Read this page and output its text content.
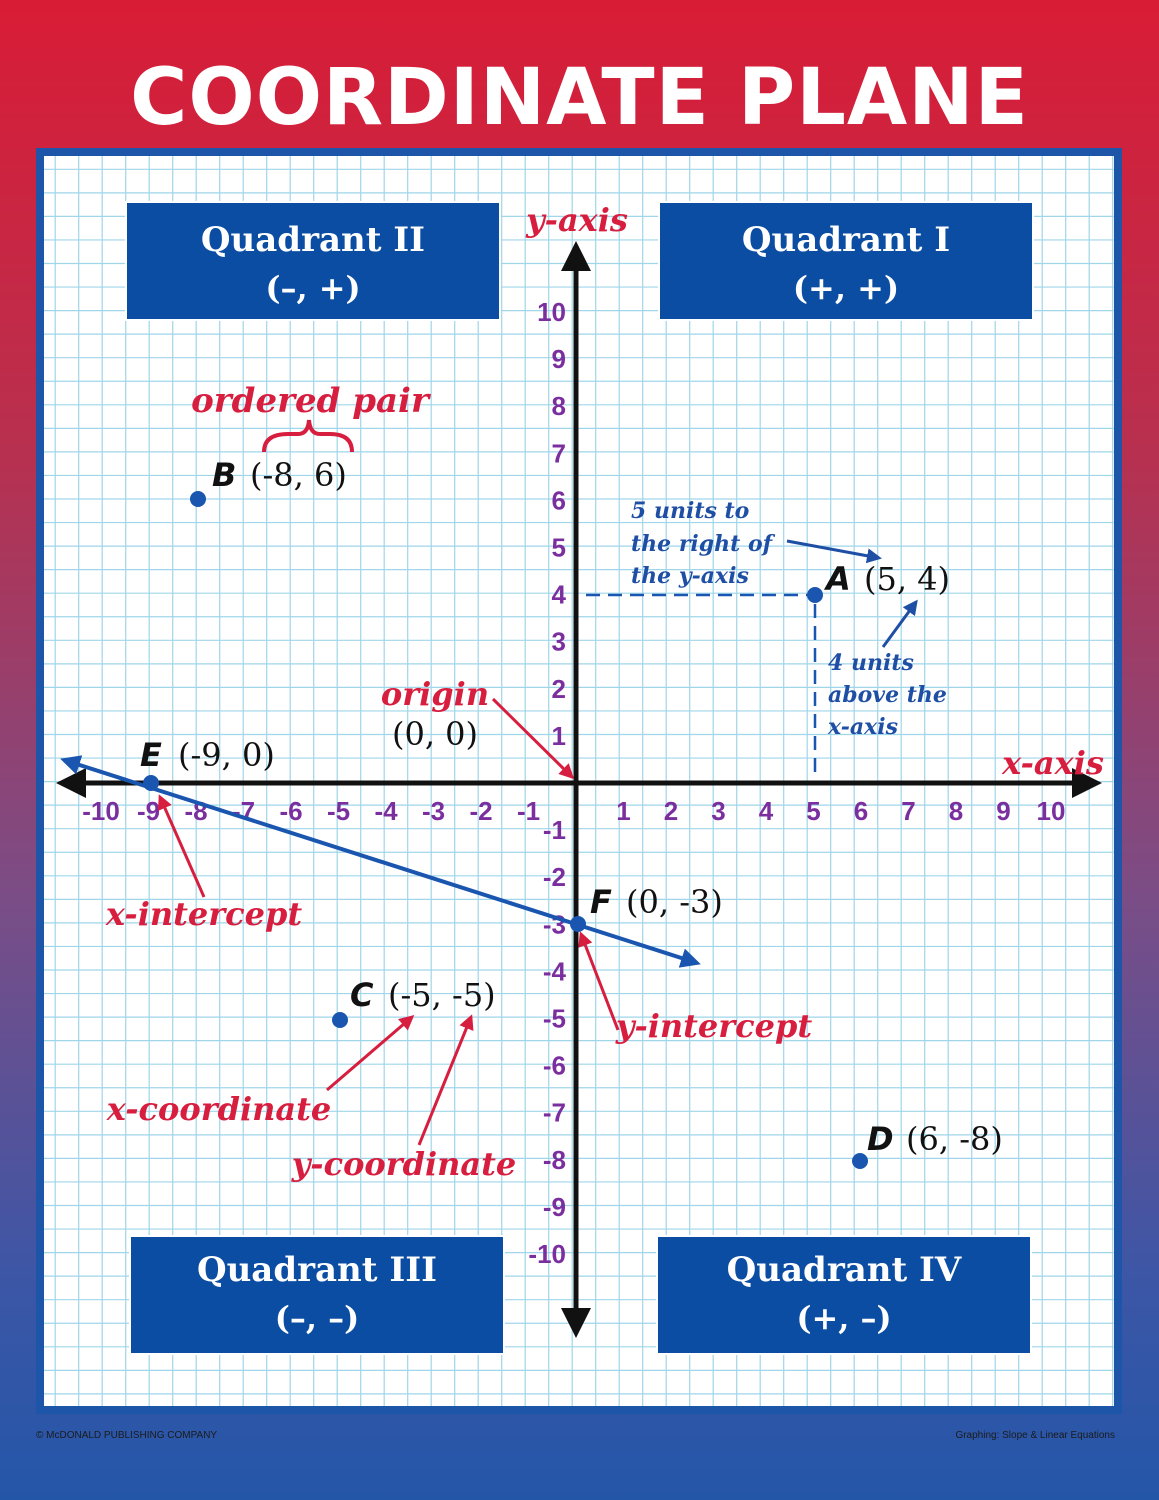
COORDINATE PLANE
-10
-10
-9
-9
-8
-8
-7
-7
-6
-6
-5
-5
-4
-4
-3
-3
-2
-2
-1
-1
1
1
2
2
3
3
4
4
5
5
6
6
7
7
8
8
9
9
10
10
y-axis
x-axis
Quadrant II
(–, +)
Quadrant I
(+, +)
Quadrant III
(–, –)
Quadrant IV
(+, –)
A (5, 4)
B (-8, 6)
C (-5, -5)
D (6, -8)
E (-9, 0)
F (0, -3)
ordered pair
origin
(0, 0)
5 units to
the right of
the y-axis
4 units
above the
x-axis
x-intercept
y-intercept
x-coordinate
y-coordinate
© McDONALD PUBLISHING COMPANY	Graphing: Slope & Linear Equations
